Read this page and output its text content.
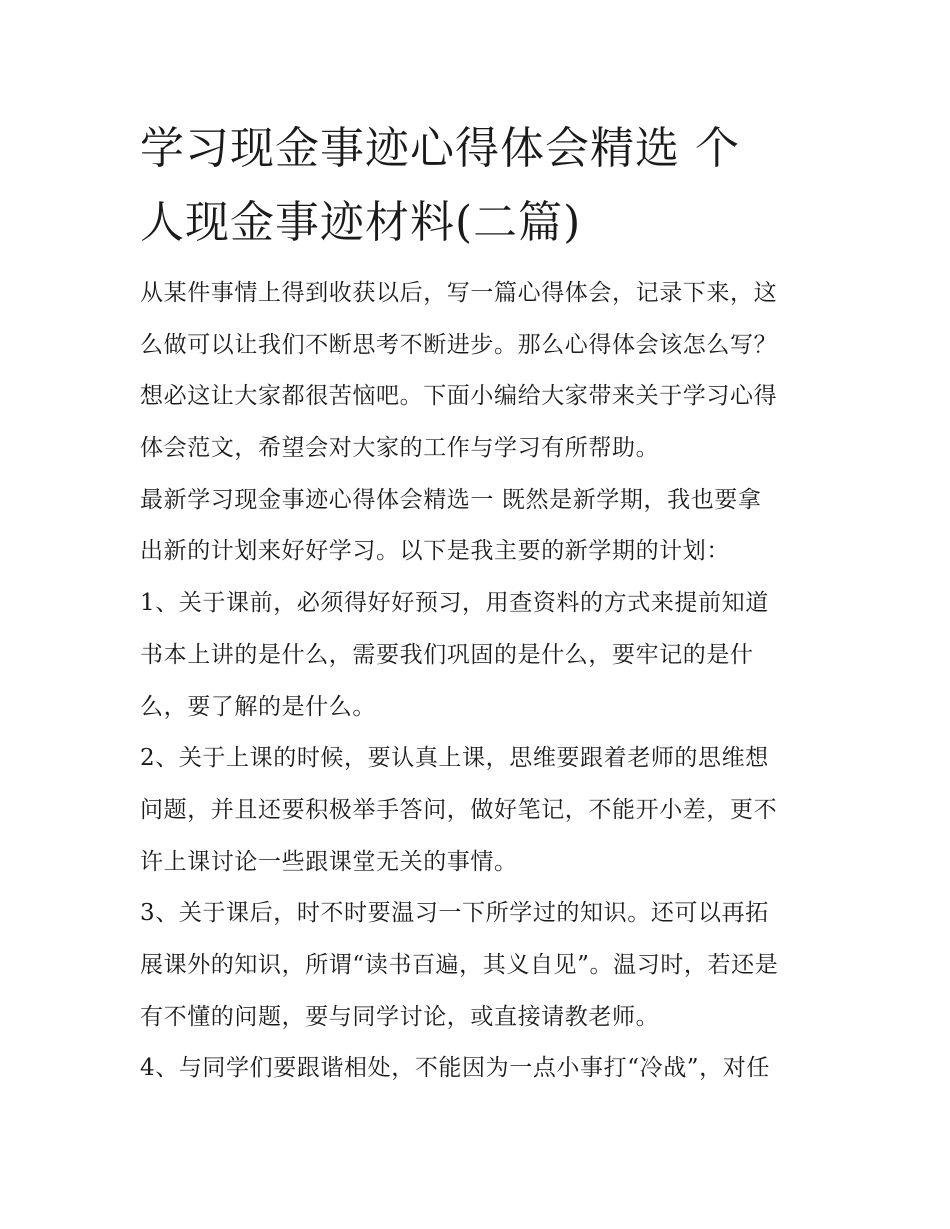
学习现金事迹心得体会精选 个
人现金事迹材料(二篇)
从某件事情上得到收获以后，写一篇心得体会，记录下来，这
么做可以让我们不断思考不断进步。那么心得体会该怎么写？
想必这让大家都很苦恼吧。下面小编给大家带来关于学习心得
体会范文，希望会对大家的工作与学习有所帮助。
最新学习现金事迹心得体会精选一 既然是新学期，我也要拿
出新的计划来好好学习。以下是我主要的新学期的计划：
1、关于课前，必须得好好预习，用查资料的方式来提前知道
书本上讲的是什么，需要我们巩固的是什么，要牢记的是什
么，要了解的是什么。
2、关于上课的时候，要认真上课，思维要跟着老师的思维想
问题，并且还要积极举手答问，做好笔记，不能开小差，更不
许上课讨论一些跟课堂无关的事情。
3、关于课后，时不时要温习一下所学过的知识。还可以再拓
展课外的知识，所谓“读书百遍，其义自见”。温习时，若还是
有不懂的问题，要与同学讨论，或直接请教老师。
4、与同学们要跟谐相处，不能因为一点小事打“冷战”，对任
